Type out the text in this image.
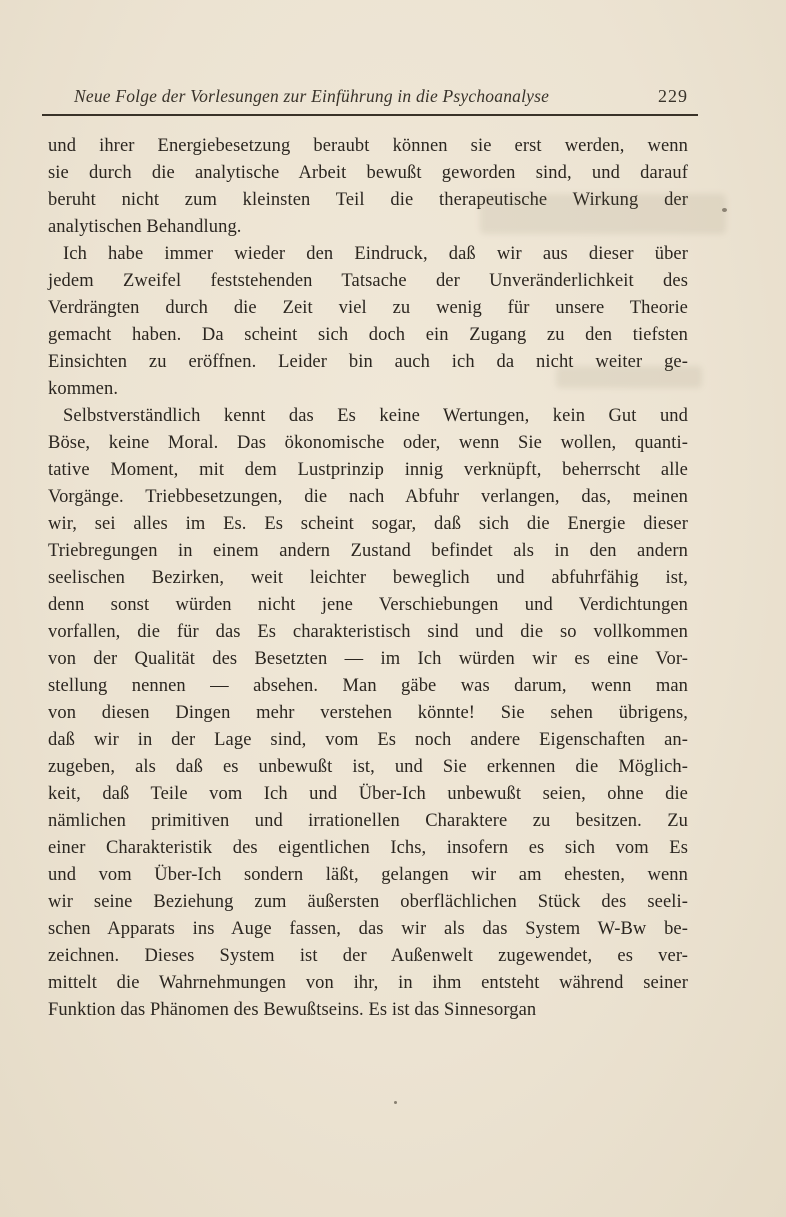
Neue Folge der Vorlesungen zur Einführung in die Psychoanalyse	229
und ihrer Energiebesetzung beraubt können sie erst werden, wenn
sie durch die analytische Arbeit bewußt geworden sind, und darauf
beruht nicht zum kleinsten Teil die therapeutische Wirkung der
analytischen Behandlung.
Ich habe immer wieder den Eindruck, daß wir aus dieser über
jedem Zweifel feststehenden Tatsache der Unveränderlichkeit des
Verdrängten durch die Zeit viel zu wenig für unsere Theorie
gemacht haben. Da scheint sich doch ein Zugang zu den tiefsten
Einsichten zu eröffnen. Leider bin auch ich da nicht weiter ge-
kommen.
Selbstverständlich kennt das Es keine Wertungen, kein Gut und
Böse, keine Moral. Das ökonomische oder, wenn Sie wollen, quanti-
tative Moment, mit dem Lustprinzip innig verknüpft, beherrscht alle
Vorgänge. Triebbesetzungen, die nach Abfuhr verlangen, das, meinen
wir, sei alles im Es. Es scheint sogar, daß sich die Energie dieser
Triebregungen in einem andern Zustand befindet als in den andern
seelischen Bezirken, weit leichter beweglich und abfuhrfähig ist,
denn sonst würden nicht jene Verschiebungen und Verdichtungen
vorfallen, die für das Es charakteristisch sind und die so vollkommen
von der Qualität des Besetzten — im Ich würden wir es eine Vor-
stellung nennen — absehen. Man gäbe was darum, wenn man
von diesen Dingen mehr verstehen könnte! Sie sehen übrigens,
daß wir in der Lage sind, vom Es noch andere Eigenschaften an-
zugeben, als daß es unbewußt ist, und Sie erkennen die Möglich-
keit, daß Teile vom Ich und Über-Ich unbewußt seien, ohne die
nämlichen primitiven und irrationellen Charaktere zu besitzen. Zu
einer Charakteristik des eigentlichen Ichs, insofern es sich vom Es
und vom Über-Ich sondern läßt, gelangen wir am ehesten, wenn
wir seine Beziehung zum äußersten oberflächlichen Stück des seeli-
schen Apparats ins Auge fassen, das wir als das System W-Bw be-
zeichnen. Dieses System ist der Außenwelt zugewendet, es ver-
mittelt die Wahrnehmungen von ihr, in ihm entsteht während seiner
Funktion das Phänomen des Bewußtseins. Es ist das Sinnesorgan
